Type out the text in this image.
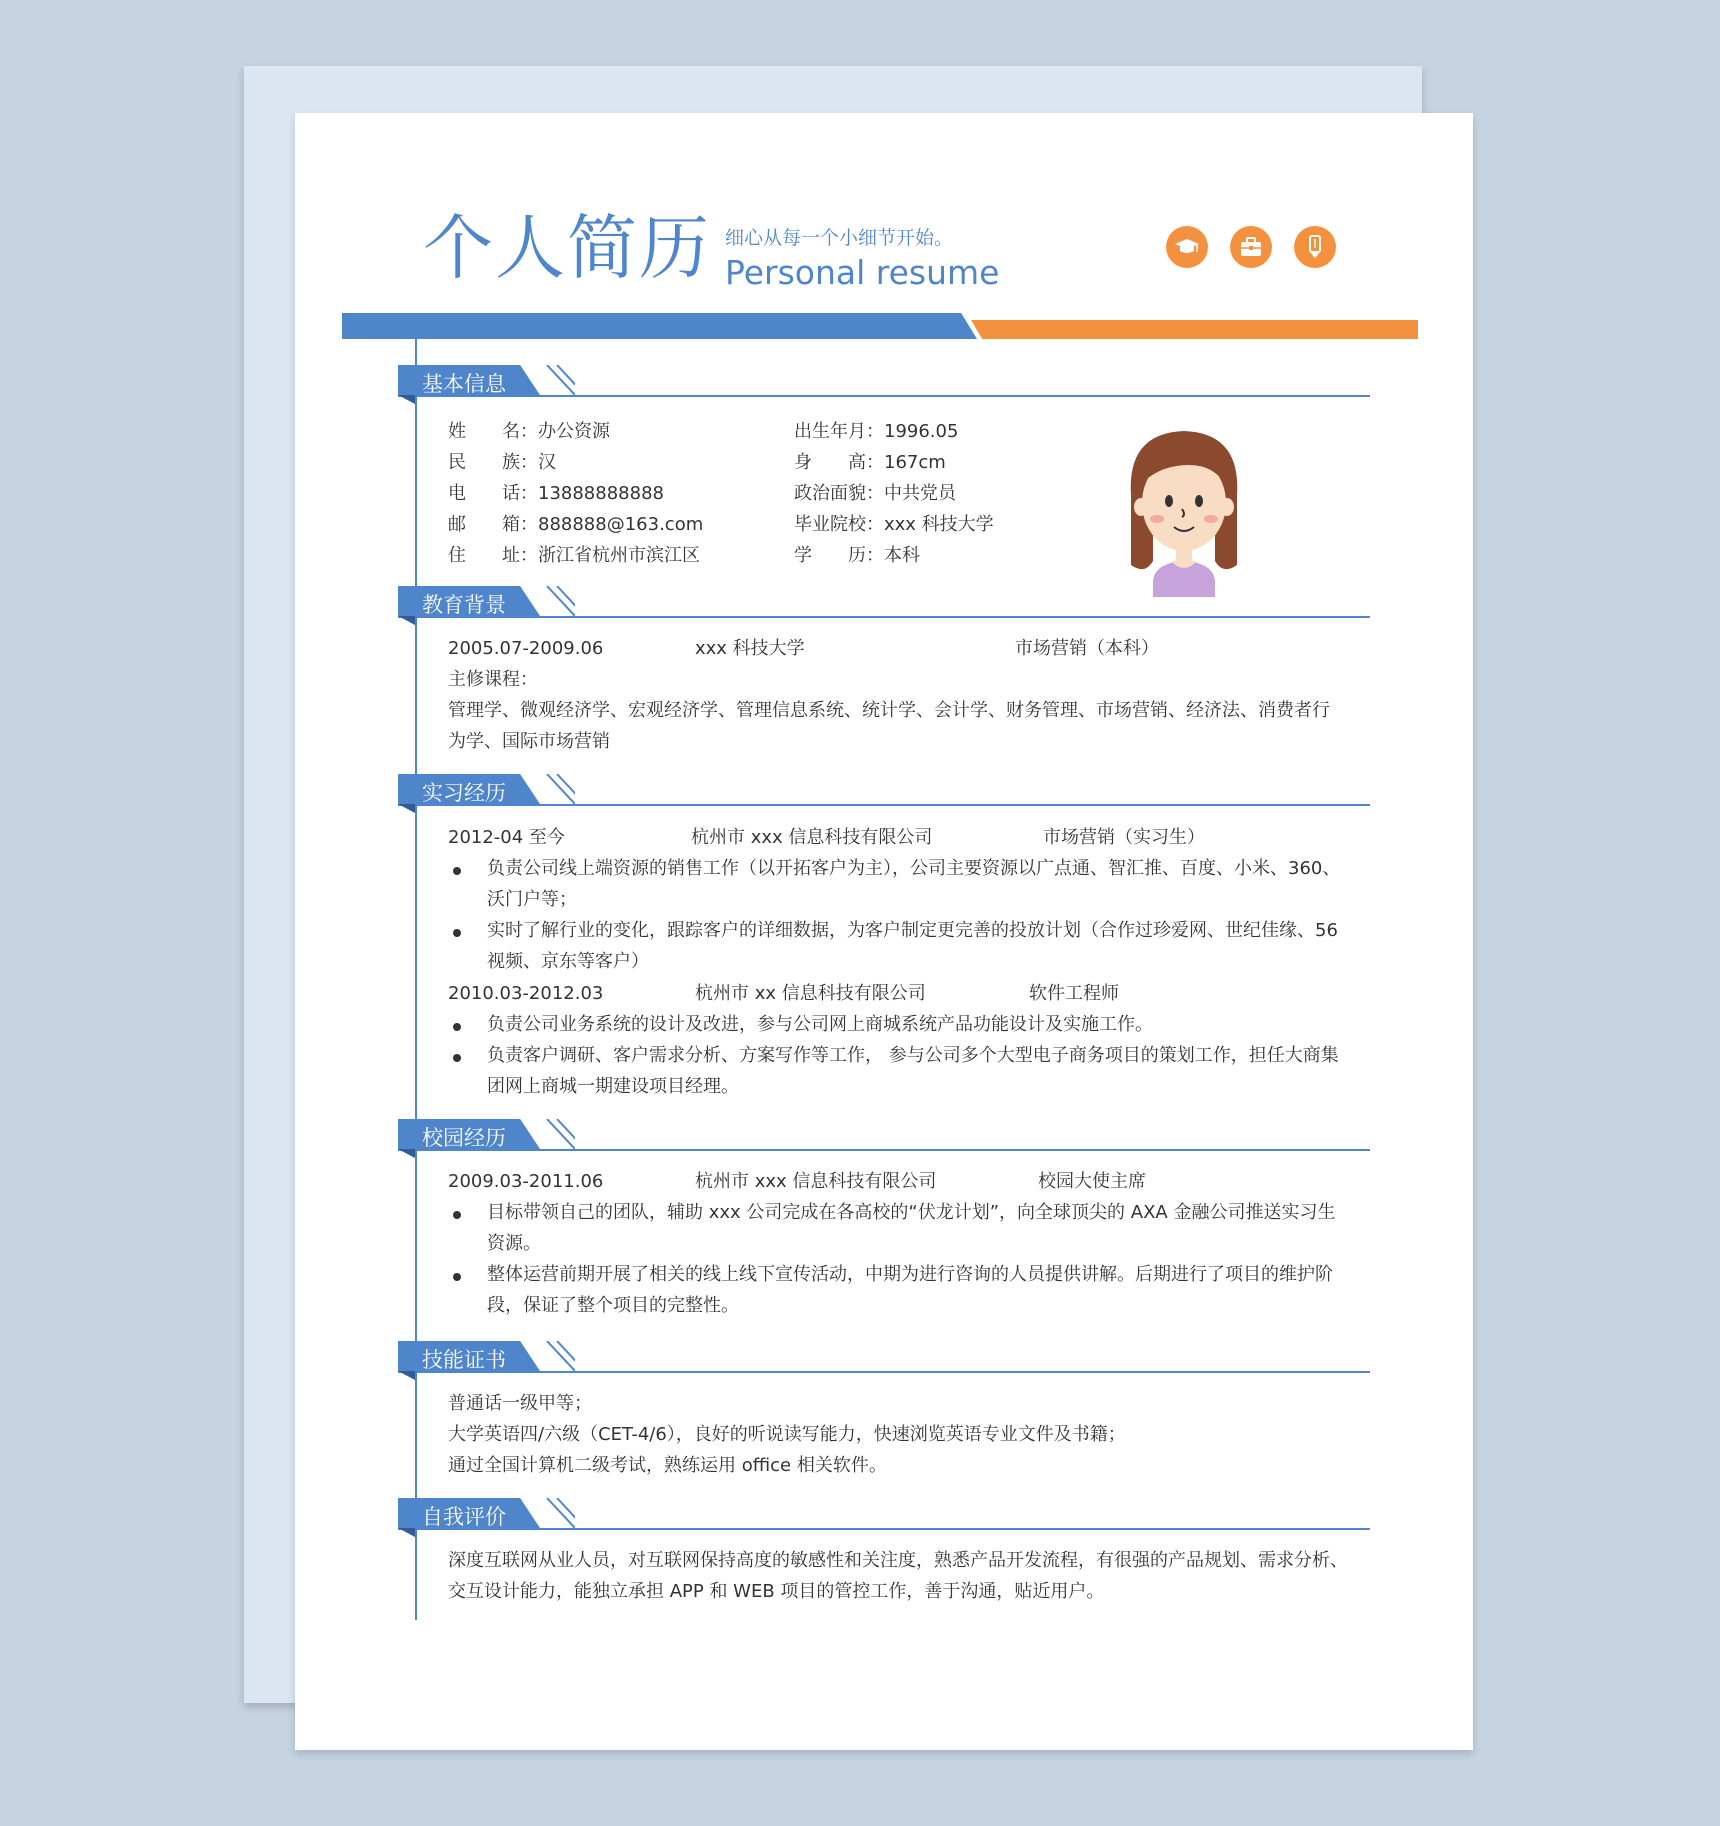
个人简历 细心从每一个小细节开始。
Personal resume
基本信息
姓　　名：办公资源	出生年月：1996.05
民　　族：汉	身　　高：167cm
电　　话：13888888888	政治面貌：中共党员
邮　　箱：888888@163.com	毕业院校：xxx 科技大学
住　　址：浙江省杭州市滨江区	学　　历：本科
教育背景
2005.07-2009.06	xxx 科技大学	市场营销（本科）
主修课程：
管理学、微观经济学、宏观经济学、管理信息系统、统计学、会计学、财务管理、市场营销、经济法、消费者行
为学、国际市场营销
实习经历
2012-04 至今	杭州市 xxx 信息科技有限公司	市场营销（实习生）
负责公司线上端资源的销售工作（以开拓客户为主），公司主要资源以广点通、智汇推、百度、小米、360、
沃门户等；
实时了解行业的变化，跟踪客户的详细数据，为客户制定更完善的投放计划（合作过珍爱网、世纪佳缘、56
视频、京东等客户）
2010.03-2012.03	杭州市 xx 信息科技有限公司	软件工程师
负责公司业务系统的设计及改进，参与公司网上商城系统产品功能设计及实施工作。
负责客户调研、客户需求分析、方案写作等工作， 参与公司多个大型电子商务项目的策划工作，担任大商集
团网上商城一期建设项目经理。
校园经历
2009.03-2011.06	杭州市 xxx 信息科技有限公司	校园大使主席
目标带领自己的团队，辅助 xxx 公司完成在各高校的“伏龙计划”，向全球顶尖的 AXA 金融公司推送实习生
资源。
整体运营前期开展了相关的线上线下宣传活动，中期为进行咨询的人员提供讲解。后期进行了项目的维护阶
段，保证了整个项目的完整性。
技能证书
普通话一级甲等；
大学英语四/六级（CET-4/6），良好的听说读写能力，快速浏览英语专业文件及书籍；
通过全国计算机二级考试，熟练运用 office 相关软件。
自我评价
深度互联网从业人员，对互联网保持高度的敏感性和关注度，熟悉产品开发流程，有很强的产品规划、需求分析、
交互设计能力，能独立承担 APP 和 WEB 项目的管控工作，善于沟通，贴近用户。
